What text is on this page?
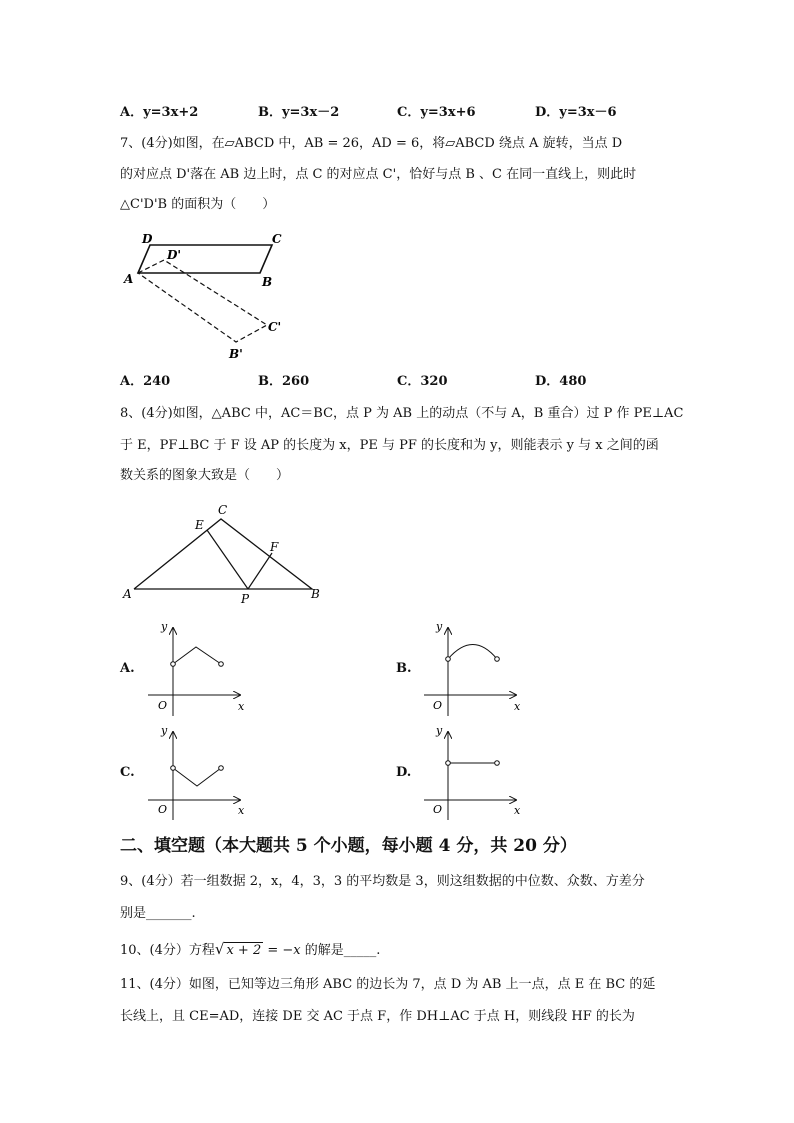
A．y=3x+2	B．y=3x－2	C．y=3x+6	D．y=3x－6
7、(4分)如图，在▱ABCD 中，AB = 26，AD = 6，将▱ABCD 绕点 A 旋转，当点 D
的对应点 D'落在 AB 边上时，点 C 的对应点 C'，恰好与点 B 、C 在同一直线上，则此时
△C'D'B 的面积为（　　）
D	C
D'
A	B
C'
B'
A．240	B．260	C．320	D．480
8、(4分)如图，△ABC 中，AC＝BC，点 P 为 AB 上的动点（不与 A，B 重合）过 P 作 PE⊥AC
于 E，PF⊥BC 于 F 设 AP 的长度为 x，PE 与 PF 的长度和为 y，则能表示 y 与 x 之间的函
数关系的图象大致是（　　）
C
E
F
A	P	B
A.	B.
C.	D.
y
x
O
y
x
O
y
x
O
y
x
O
二、填空题（本大题共 5 个小题，每小题 4 分，共 20 分）
9、(4分）若一组数据 2，x，4，3，3 的平均数是 3，则这组数据的中位数、众数、方差分
别是_______.
10、(4分）方程√ x + 2 = −x 的解是_____.
11、(4分）如图，已知等边三角形 ABC 的边长为 7，点 D 为 AB 上一点，点 E 在 BC 的延
长线上，且 CE=AD，连接 DE 交 AC 于点 F，作 DH⊥AC 于点 H，则线段 HF 的长为
